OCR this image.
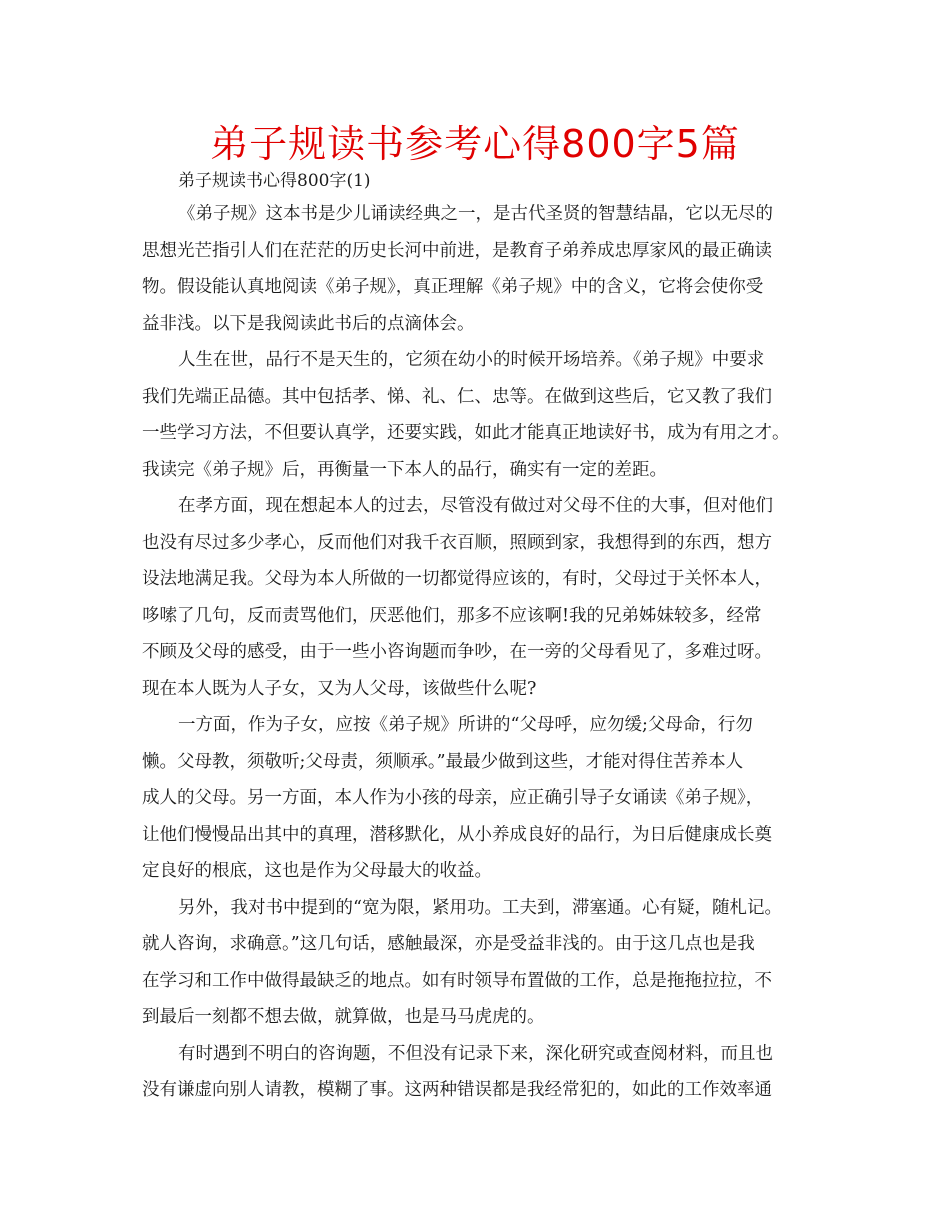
弟子规读书参考心得800字5篇

弟子规读书心得800字(1)

《弟子规》这本书是少儿诵读经典之一，是古代圣贤的智慧结晶，它以无尽的
思想光芒指引人们在茫茫的历史长河中前进，是教育子弟养成忠厚家风的最正确读
物。假设能认真地阅读《弟子规》，真正理解《弟子规》中的含义，它将会使你受
益非浅。以下是我阅读此书后的点滴体会。
人生在世，品行不是天生的，它须在幼小的时候开场培养。《弟子规》中要求
我们先端正品德。其中包括孝、悌、礼、仁、忠等。在做到这些后，它又教了我们
一些学习方法，不但要认真学，还要实践，如此才能真正地读好书，成为有用之才。
我读完《弟子规》后，再衡量一下本人的品行，确实有一定的差距。
在孝方面，现在想起本人的过去，尽管没有做过对父母不住的大事，但对他们
也没有尽过多少孝心，反而他们对我千衣百顺，照顾到家，我想得到的东西，想方
设法地满足我。父母为本人所做的一切都觉得应该的，有时，父母过于关怀本人，
哆嗦了几句，反而责骂他们，厌恶他们，那多不应该啊!我的兄弟姊妹较多，经常
不顾及父母的感受，由于一些小咨询题而争吵，在一旁的父母看见了，多难过呀。
现在本人既为人子女，又为人父母，该做些什么呢?
一方面，作为子女，应按《弟子规》所讲的“父母呼，应勿缓;父母命，行勿
懒。父母教，须敬听;父母责，须顺承。”最最少做到这些，才能对得住苦养本人
成人的父母。另一方面，本人作为小孩的母亲，应正确引导子女诵读《弟子规》，
让他们慢慢品出其中的真理，潜移默化，从小养成良好的品行，为日后健康成长奠
定良好的根底，这也是作为父母最大的收益。
另外，我对书中提到的“宽为限，紧用功。工夫到，滞塞通。心有疑，随札记。
就人咨询，求确意。”这几句话，感触最深，亦是受益非浅的。由于这几点也是我
在学习和工作中做得最缺乏的地点。如有时领导布置做的工作，总是拖拖拉拉，不
到最后一刻都不想去做，就算做，也是马马虎虎的。
有时遇到不明白的咨询题，不但没有记录下来，深化研究或查阅材料，而且也
没有谦虚向别人请教，模糊了事。这两种错误都是我经常犯的，如此的工作效率通
